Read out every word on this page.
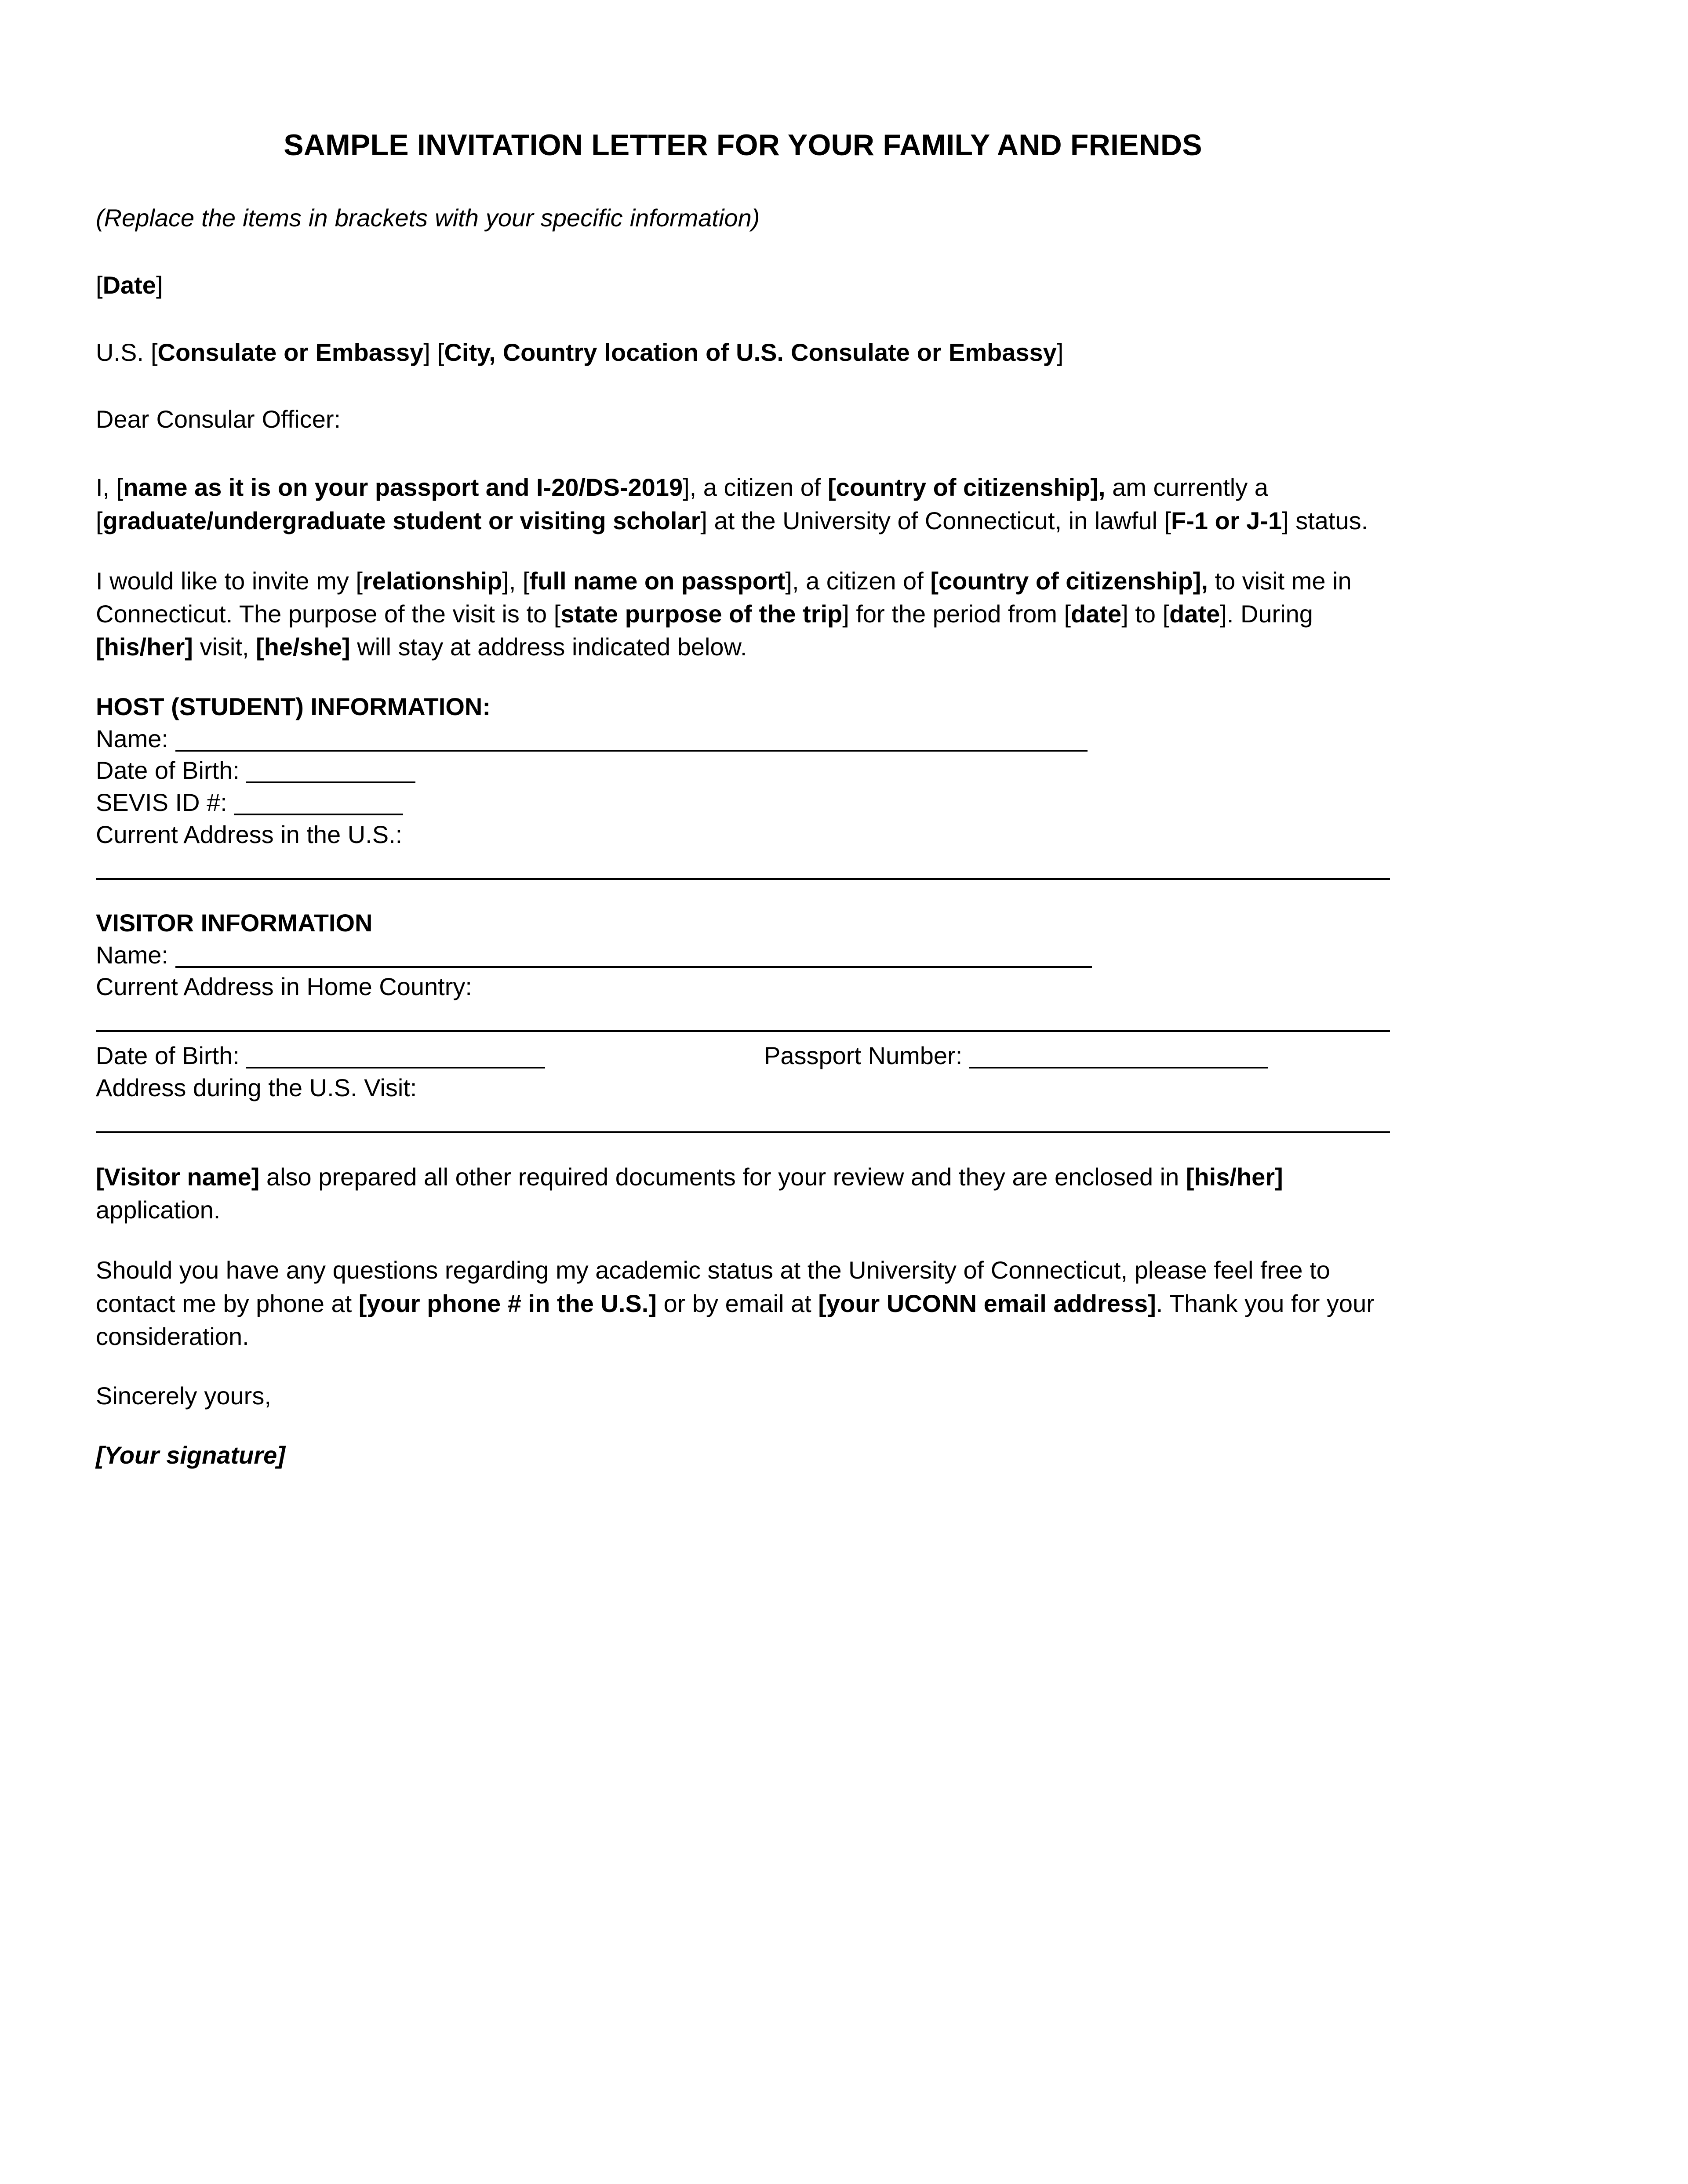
SAMPLE INVITATION LETTER FOR YOUR FAMILY AND FRIENDS

(Replace the items in brackets with your specific information)

[Date]

U.S. [Consulate or Embassy] [City, Country location of U.S. Consulate or Embassy]

Dear Consular Officer:

I, [name as it is on your passport and I-20/DS-2019], a citizen of [country of citizenship], am currently a [graduate/undergraduate student or visiting scholar] at the University of Connecticut, in lawful [F-1 or J-1] status.

I would like to invite my [relationship], [full name on passport], a citizen of [country of citizenship], to visit me in Connecticut. The purpose of the visit is to [state purpose of the trip] for the period from [date] to [date]. During [his/her] visit, [he/she] will stay at address indicated below.

HOST (STUDENT) INFORMATION:

Name:

Date of Birth:

SEVIS ID #:

Current Address in the U.S.:

VISITOR INFORMATION

Name:

Current Address in Home Country:

Date of Birth:	Passport Number:

Address during the U.S. Visit:

[Visitor name] also prepared all other required documents for your review and they are enclosed in [his/her] application.

Should you have any questions regarding my academic status at the University of Connecticut, please feel free to contact me by phone at [your phone # in the U.S.] or by email at [your UCONN email address]. Thank you for your consideration.

Sincerely yours,

[Your signature]
